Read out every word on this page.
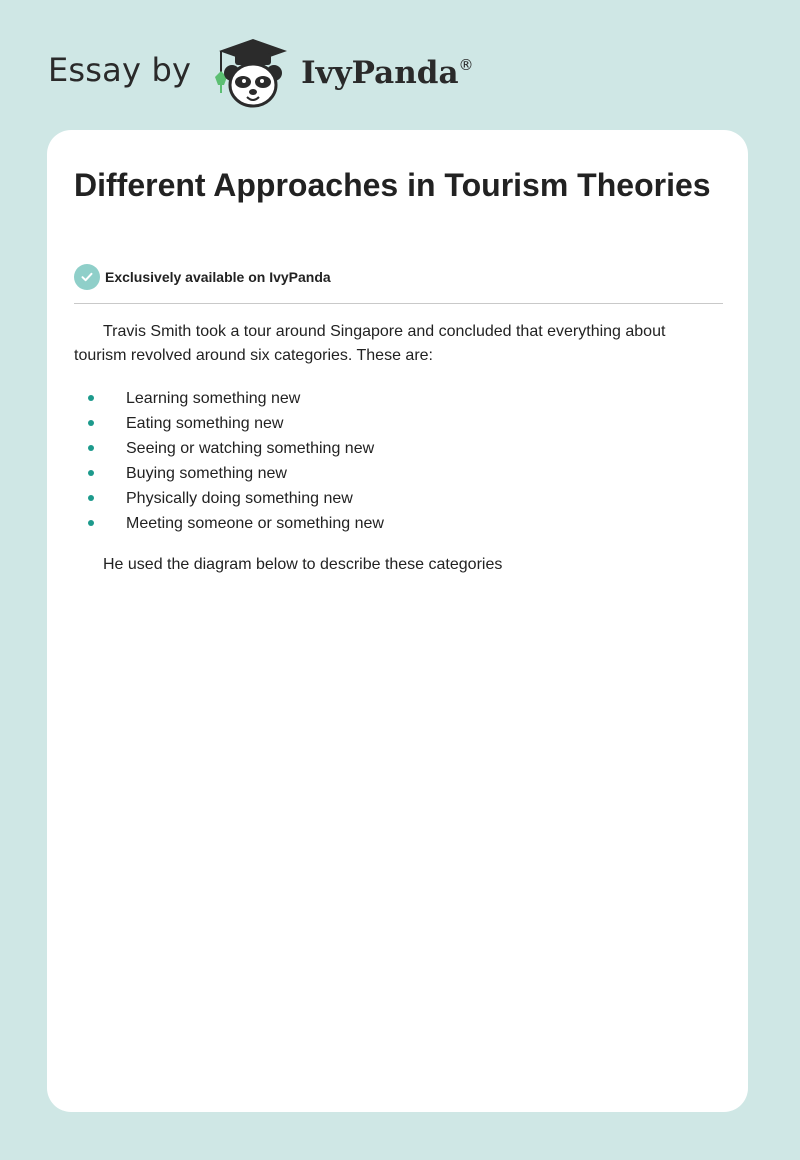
Essay by	IvyPanda ®
Different Approaches in Tourism Theories
Exclusively available on IvyPanda

Travis Smith took a tour around Singapore and concluded that everything about tourism revolved around six categories. These are:

Learning something new
Eating something new
Seeing or watching something new
Buying something new
Physically doing something new
Meeting someone or something new

He used the diagram below to describe these categories
